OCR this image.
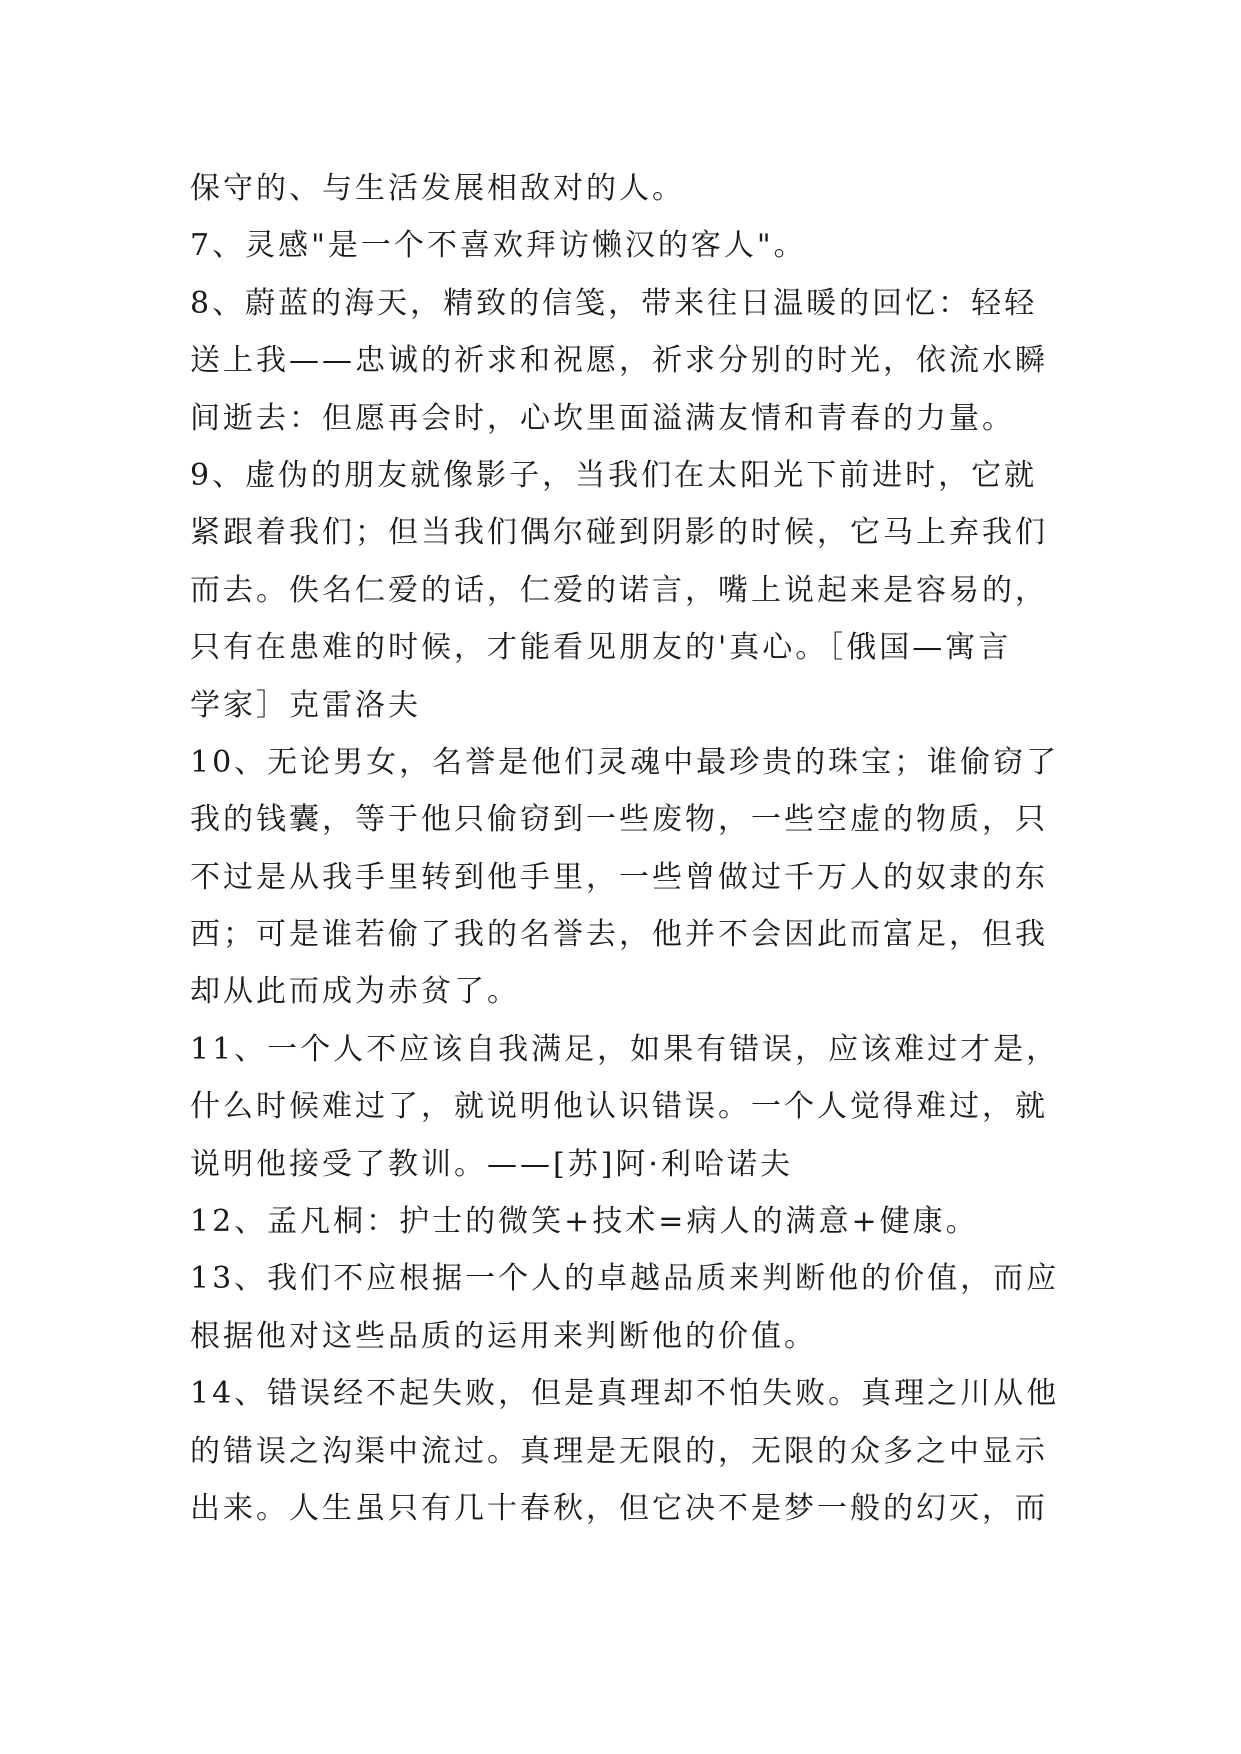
保守的、与生活发展相敌对的人。
7、灵感"是一个不喜欢拜访懒汉的客人"。
8、蔚蓝的海天，精致的信笺，带来往日温暖的回忆：轻轻
送上我——忠诚的祈求和祝愿，祈求分别的时光，依流水瞬
间逝去：但愿再会时，心坎里面溢满友情和青春的力量。
9、虚伪的朋友就像影子，当我们在太阳光下前进时，它就
紧跟着我们；但当我们偶尔碰到阴影的时候，它马上弃我们
而去。佚名仁爱的话，仁爱的诺言，嘴上说起来是容易的，
只有在患难的时候，才能看见朋友的'真心。［俄国—寓言
学家］克雷洛夫
10、无论男女，名誉是他们灵魂中最珍贵的珠宝；谁偷窃了
我的钱囊，等于他只偷窃到一些废物，一些空虚的物质，只
不过是从我手里转到他手里，一些曾做过千万人的奴隶的东
西；可是谁若偷了我的名誉去，他并不会因此而富足，但我
却从此而成为赤贫了。
11、一个人不应该自我满足，如果有错误，应该难过才是，
什么时候难过了，就说明他认识错误。一个人觉得难过，就
说明他接受了教训。——[苏]阿·利哈诺夫
12、孟凡桐：护士的微笑+技术=病人的满意+健康。
13、我们不应根据一个人的卓越品质来判断他的价值，而应
根据他对这些品质的运用来判断他的价值。
14、错误经不起失败，但是真理却不怕失败。真理之川从他
的错误之沟渠中流过。真理是无限的，无限的众多之中显示
出来。人生虽只有几十春秋，但它决不是梦一般的幻灭，而
